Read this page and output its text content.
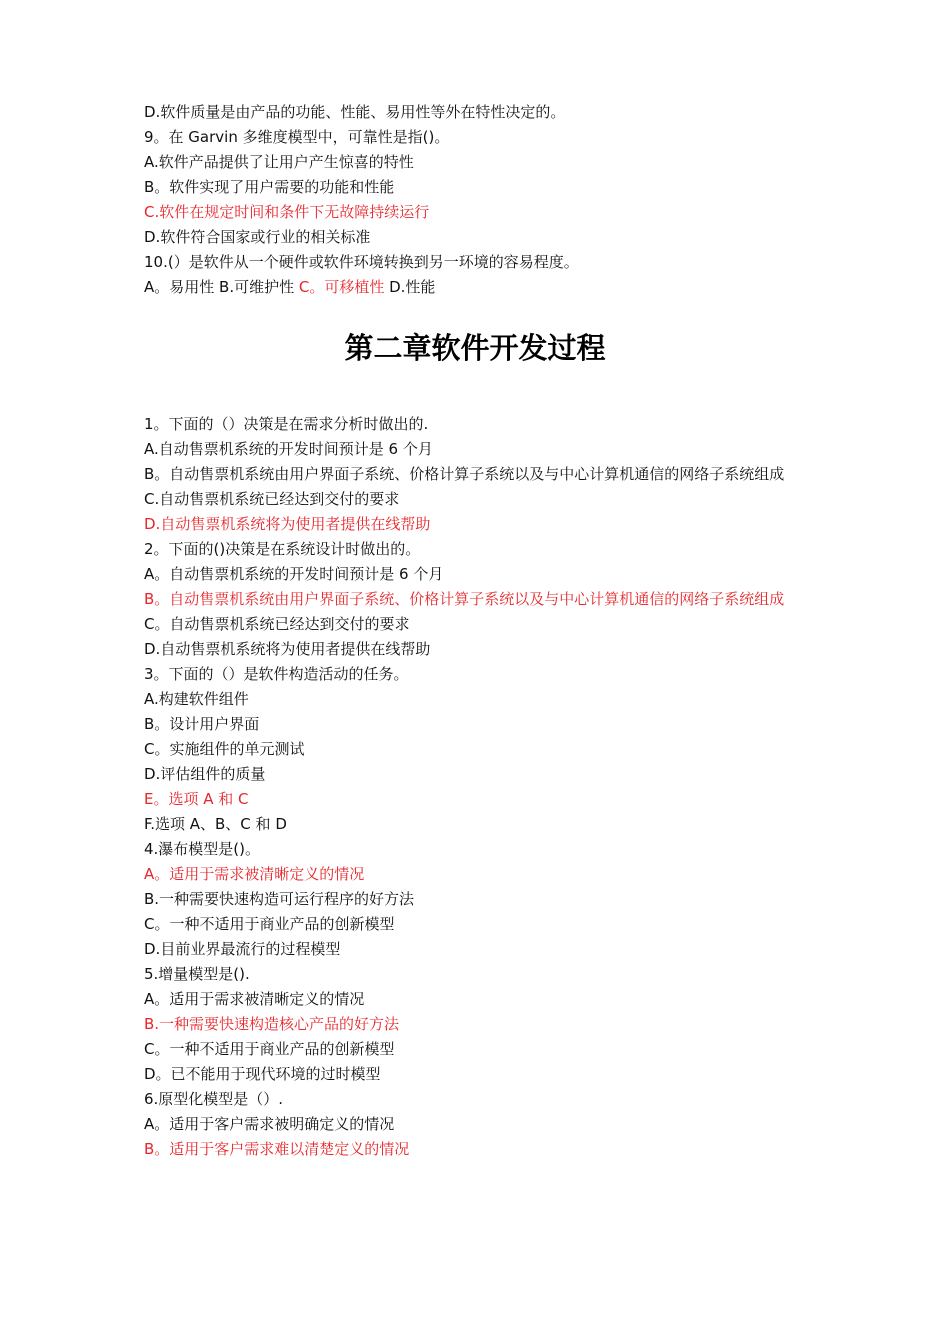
D.软件质量是由产品的功能、性能、易用性等外在特性决定的。
9。在 Garvin 多维度模型中，可靠性是指()。
A.软件产品提供了让用户产生惊喜的特性
B。软件实现了用户需要的功能和性能
C.软件在规定时间和条件下无故障持续运行
D.软件符合国家或行业的相关标准
10.(）是软件从一个硬件或软件环境转换到另一环境的容易程度。
A。易用性 B.可维护性 C。可移植性 D.性能
第二章软件开发过程
1。下面的（）决策是在需求分析时做出的.
A.自动售票机系统的开发时间预计是 6 个月
B。自动售票机系统由用户界面子系统、价格计算子系统以及与中心计算机通信的网络子系统组成
C.自动售票机系统已经达到交付的要求
D.自动售票机系统将为使用者提供在线帮助
2。下面的()决策是在系统设计时做出的。
A。自动售票机系统的开发时间预计是 6 个月
B。自动售票机系统由用户界面子系统、价格计算子系统以及与中心计算机通信的网络子系统组成
C。自动售票机系统已经达到交付的要求
D.自动售票机系统将为使用者提供在线帮助
3。下面的（）是软件构造活动的任务。
A.构建软件组件
B。设计用户界面
C。实施组件的单元测试
D.评估组件的质量
E。选项 A 和 C
F.选项 A、B、C 和 D
4.瀑布模型是()。
A。适用于需求被清晰定义的情况
B.一种需要快速构造可运行程序的好方法
C。一种不适用于商业产品的创新模型
D.目前业界最流行的过程模型
5.增量模型是().
A。适用于需求被清晰定义的情况
B.一种需要快速构造核心产品的好方法
C。一种不适用于商业产品的创新模型
D。已不能用于现代环境的过时模型
6.原型化模型是（）.
A。适用于客户需求被明确定义的情况
B。适用于客户需求难以清楚定义的情况
